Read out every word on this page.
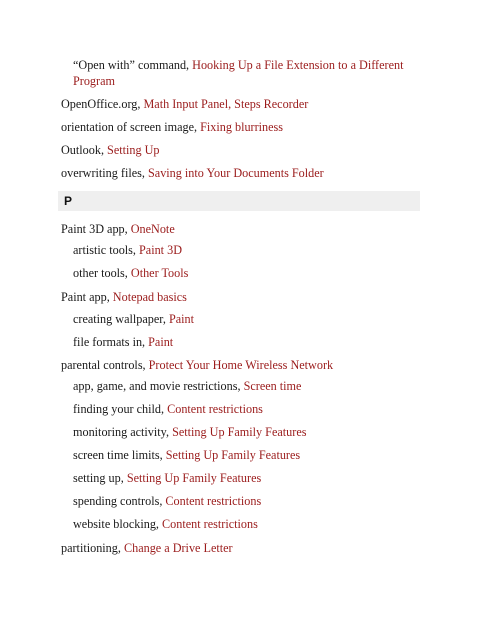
“Open with” command, Hooking Up a File Extension to a Different Program
OpenOffice.org, Math Input Panel, Steps Recorder
orientation of screen image, Fixing blurriness
Outlook, Setting Up
overwriting files, Saving into Your Documents Folder
P
Paint 3D app, OneNote
artistic tools, Paint 3D
other tools, Other Tools
Paint app, Notepad basics
creating wallpaper, Paint
file formats in, Paint
parental controls, Protect Your Home Wireless Network
app, game, and movie restrictions, Screen time
finding your child, Content restrictions
monitoring activity, Setting Up Family Features
screen time limits, Setting Up Family Features
setting up, Setting Up Family Features
spending controls, Content restrictions
website blocking, Content restrictions
partitioning, Change a Drive Letter
